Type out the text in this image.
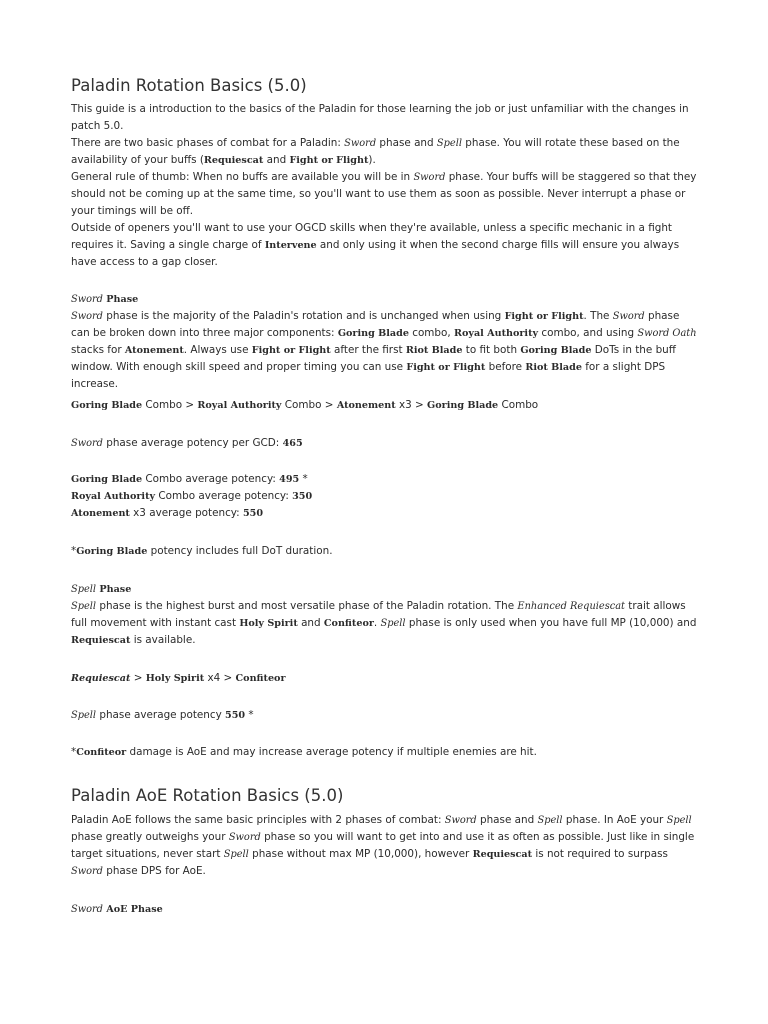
Paladin Rotation Basics (5.0)

This guide is a introduction to the basics of the Paladin for those learning the job or just unfamiliar with the changes in patch 5.0.

There are two basic phases of combat for a Paladin: Sword phase and Spell phase. You will rotate these based on the availability of your buffs (Requiescat and Fight or Flight).

General rule of thumb: When no buffs are available you will be in Sword phase. Your buffs will be staggered so that they should not be coming up at the same time, so you'll want to use them as soon as possible. Never interrupt a phase or your timings will be off.

Outside of openers you'll want to use your OGCD skills when they're available, unless a specific mechanic in a fight requires it. Saving a single charge of Intervene and only using it when the second charge fills will ensure you always have access to a gap closer.

Sword Phase

Sword phase is the majority of the Paladin's rotation and is unchanged when using Fight or Flight. The Sword phase can be broken down into three major components: Goring Blade combo, Royal Authority combo, and using Sword Oath stacks for Atonement. Always use Fight or Flight after the first Riot Blade to fit both Goring Blade DoTs in the buff window. With enough skill speed and proper timing you can use Fight or Flight before Riot Blade for a slight DPS increase.

Goring Blade Combo > Royal Authority Combo > Atonement x3 > Goring Blade Combo

Sword phase average potency per GCD: 465

Goring Blade Combo average potency: 495 *

Royal Authority Combo average potency: 350

Atonement x3 average potency: 550

*Goring Blade potency includes full DoT duration.

Spell Phase

Spell phase is the highest burst and most versatile phase of the Paladin rotation. The Enhanced Requiescat trait allows full movement with instant cast Holy Spirit and Confiteor. Spell phase is only used when you have full MP (10,000) and Requiescat is available.

Requiescat > Holy Spirit x4 > Confiteor

Spell phase average potency 550 *

*Confiteor damage is AoE and may increase average potency if multiple enemies are hit.

Paladin AoE Rotation Basics (5.0)

Paladin AoE follows the same basic principles with 2 phases of combat: Sword phase and Spell phase. In AoE your Spell phase greatly outweighs your Sword phase so you will want to get into and use it as often as possible. Just like in single target situations, never start Spell phase without max MP (10,000), however Requiescat is not required to surpass Sword phase DPS for AoE.

Sword AoE Phase
